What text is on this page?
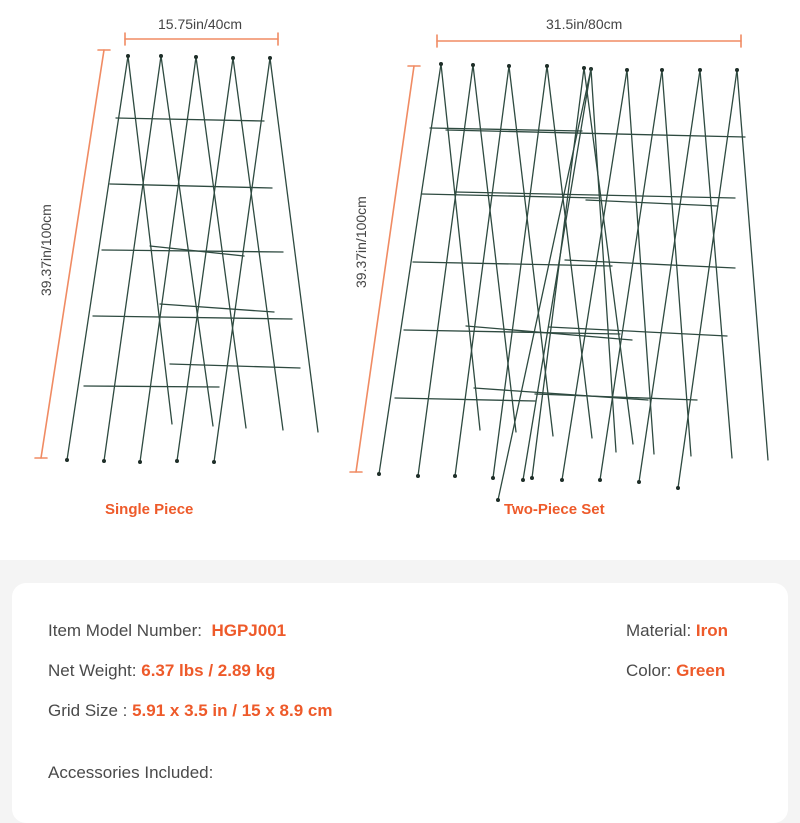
15.75in/40cm
39.37in/100cm
31.5in/80cm
39.37in/100cm
Single Piece	Two-Piece Set
Item Model Number: HGPJ001
Net Weight: 6.37 lbs / 2.89 kg
Grid Size : 5.91 x 3.5 in / 15 x 8.9 cm
Material: Iron
Color: Green
Accessories Included:
